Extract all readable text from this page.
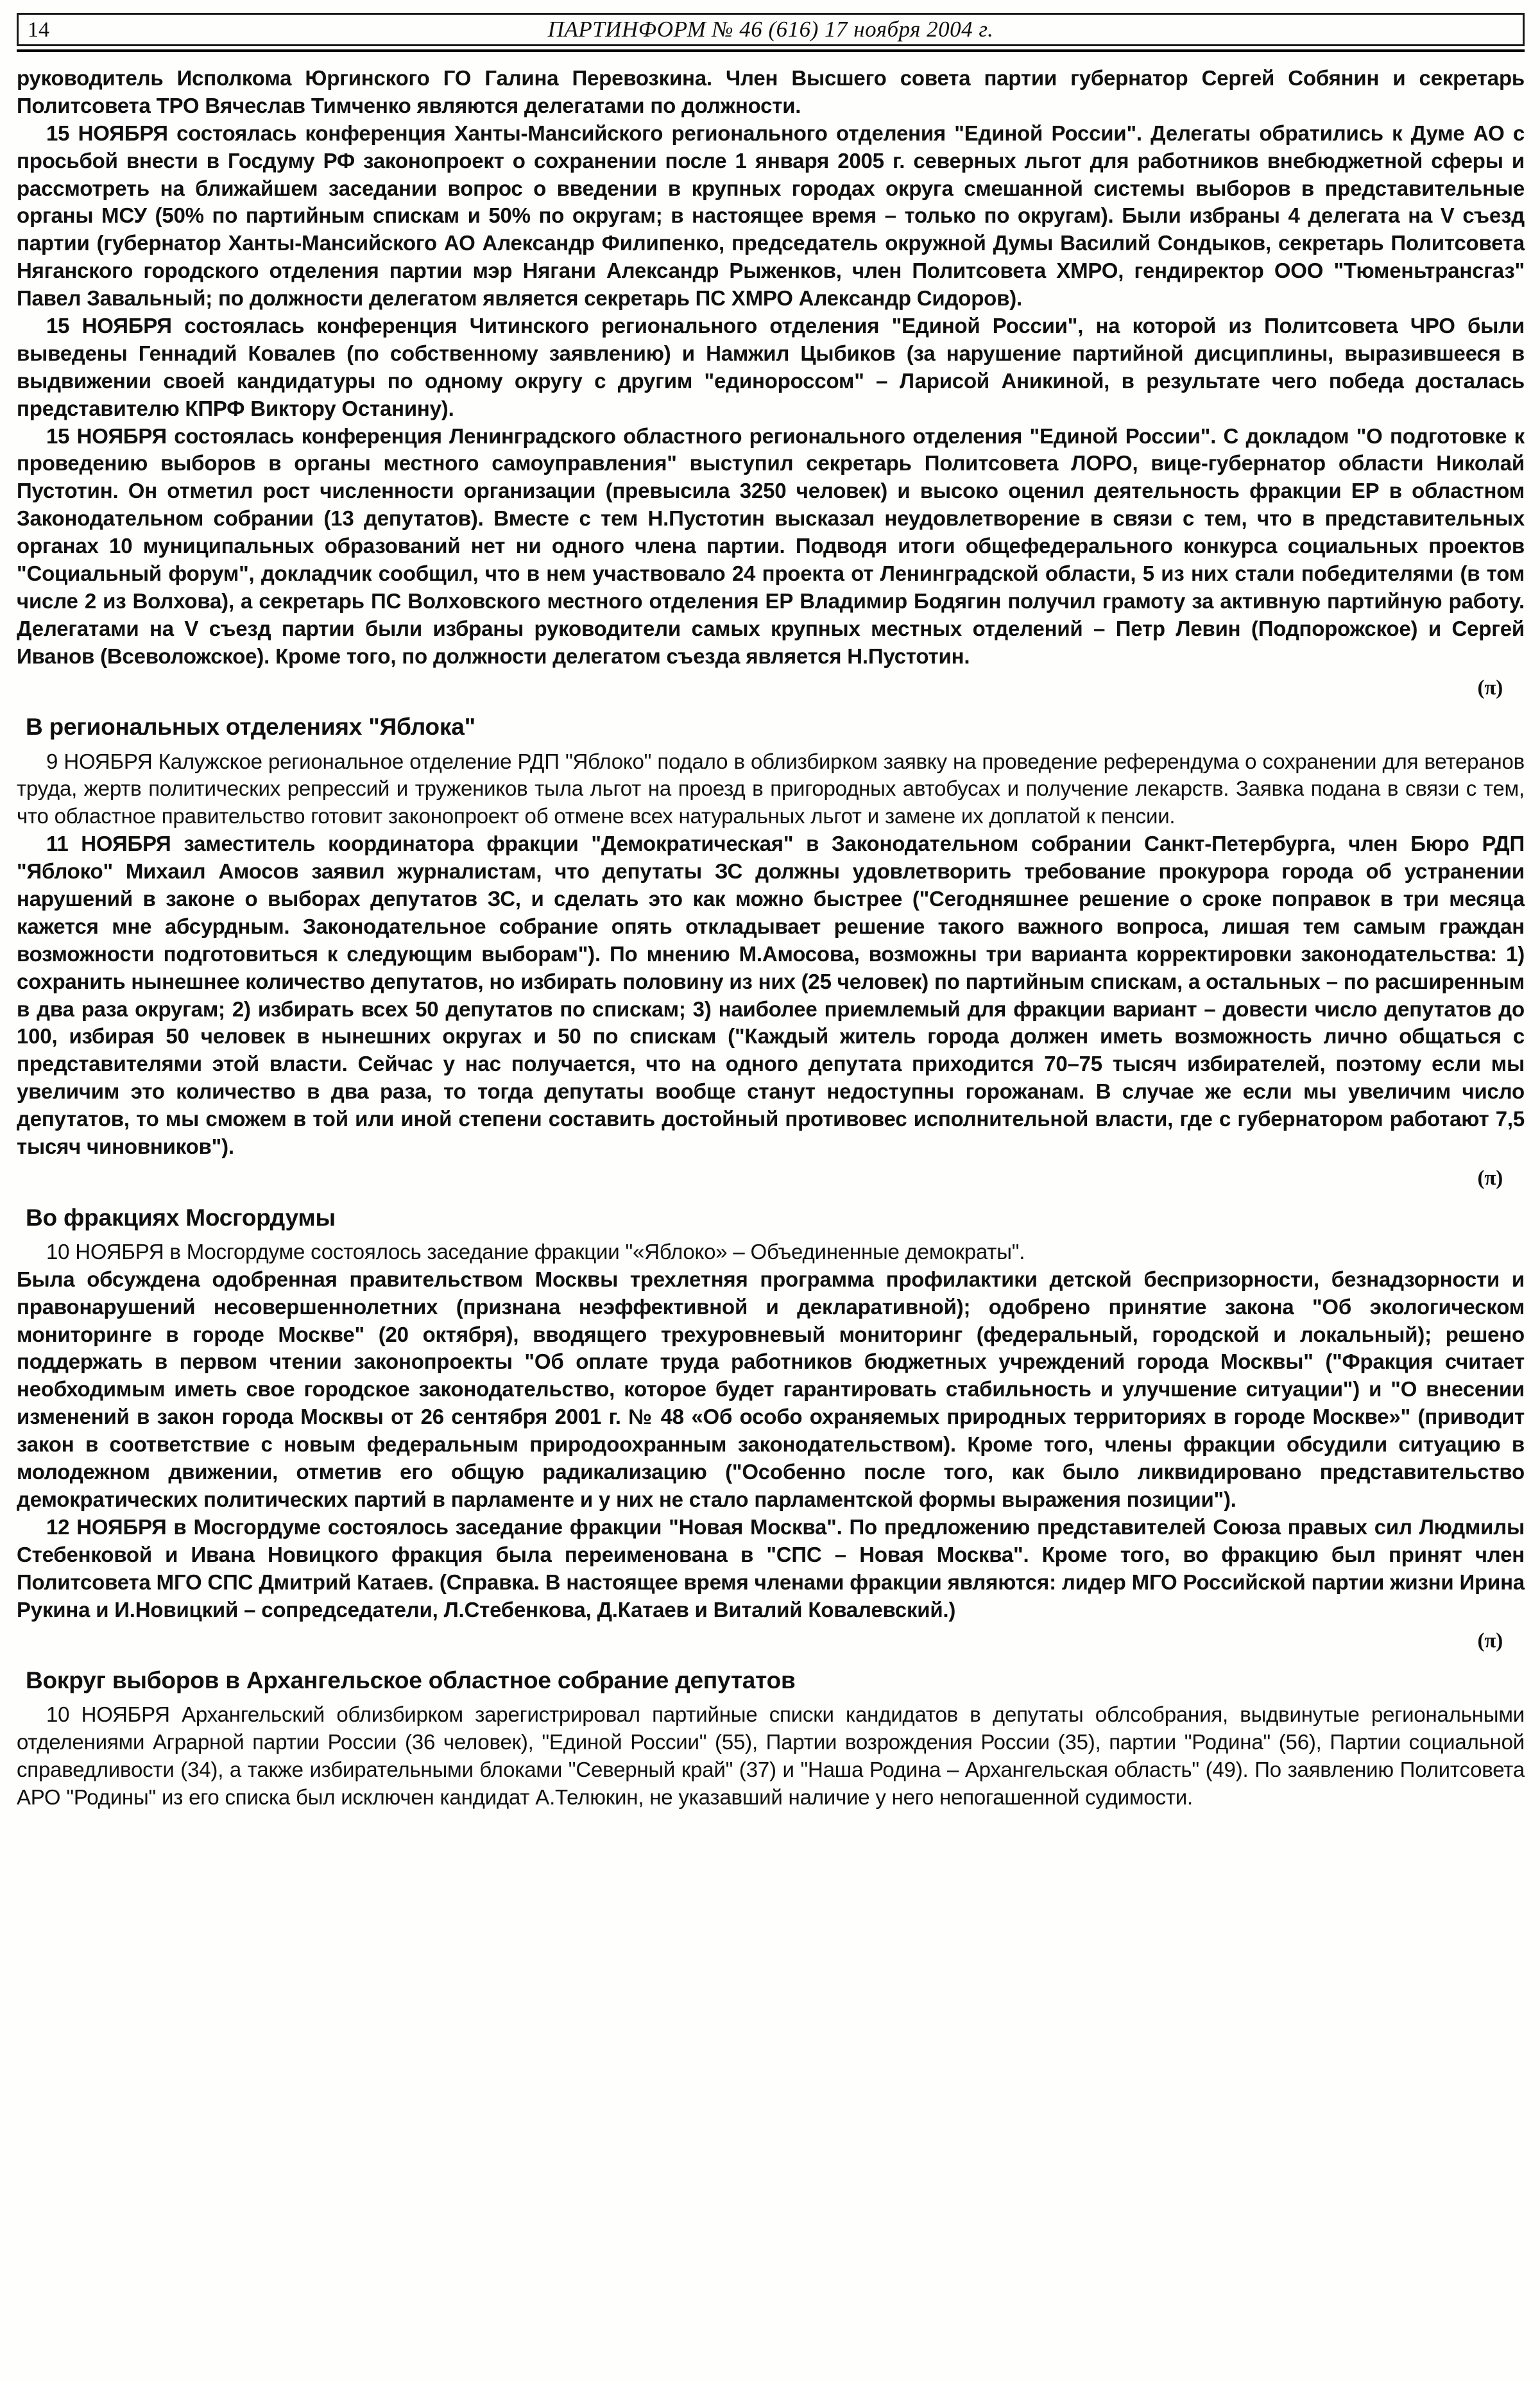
14	ПАРТИНФОРМ № 46 (616) 17 ноября 2004 г.

руководитель Исполкома Юргинского ГО Галина Перевозкина. Член Высшего совета партии губернатор Сергей Собянин и секретарь Политсовета ТРО Вячеслав Тимченко являются делегатами по должности.

15 НОЯБРЯ состоялась конференция Ханты-Мансийского регионального отделения "Единой России". Делегаты обратились к Думе АО с просьбой внести в Госдуму РФ законопроект о сохранении после 1 января 2005 г. северных льгот для работников внебюджетной сферы и рассмотреть на ближайшем заседании вопрос о введении в крупных городах округа смешанной системы выборов в представительные органы МСУ (50% по партийным спискам и 50% по округам; в настоящее время – только по округам). Были избраны 4 делегата на V съезд партии (губернатор Ханты-Мансийского АО Александр Филипенко, председатель окружной Думы Василий Сондыков, секретарь Политсовета Няганского городского отделения партии мэр Нягани Александр Рыженков, член Политсовета ХМРО, гендиректор ООО "Тюменьтрансгаз" Павел Завальный; по должности делегатом является секретарь ПС ХМРО Александр Сидоров).

15 НОЯБРЯ состоялась конференция Читинского регионального отделения "Единой России", на которой из Политсовета ЧРО были выведены Геннадий Ковалев (по собственному заявлению) и Намжил Цыбиков (за нарушение партийной дисциплины, выразившееся в выдвижении своей кандидатуры по одному округу с другим "единороссом" – Ларисой Аникиной, в результате чего победа досталась представителю КПРФ Виктору Останину).

15 НОЯБРЯ состоялась конференция Ленинградского областного регионального отделения "Единой России". С докладом "О подготовке к проведению выборов в органы местного самоуправления" выступил секретарь Политсовета ЛОРО, вице-губернатор области Николай Пустотин. Он отметил рост численности организации (превысила 3250 человек) и высоко оценил деятельность фракции ЕР в областном Законодательном собрании (13 депутатов). Вместе с тем Н.Пустотин высказал неудовлетворение в связи с тем, что в представительных органах 10 муниципальных образований нет ни одного члена партии. Подводя итоги общефедерального конкурса социальных проектов "Социальный форум", докладчик сообщил, что в нем участвовало 24 проекта от Ленинградской области, 5 из них стали победителями (в том числе 2 из Волхова), а секретарь ПС Волховского местного отделения ЕР Владимир Бодягин получил грамоту за активную партийную работу. Делегатами на V съезд партии были избраны руководители самых крупных местных отделений – Петр Левин (Подпорожское) и Сергей Иванов (Всеволожское). Кроме того, по должности делегатом съезда является Н.Пустотин.

(π)

В региональных отделениях "Яблока"

9 НОЯБРЯ Калужское региональное отделение РДП "Яблоко" подало в облизбирком заявку на проведение референдума о сохранении для ветеранов труда, жертв политических репрессий и тружеников тыла льгот на проезд в пригородных автобусах и получение лекарств. Заявка подана в связи с тем, что областное правительство готовит законопроект об отмене всех натуральных льгот и замене их доплатой к пенсии.

11 НОЯБРЯ заместитель координатора фракции "Демократическая" в Законодательном собрании Санкт-Петербурга, член Бюро РДП "Яблоко" Михаил Амосов заявил журналистам, что депутаты ЗС должны удовлетворить требование прокурора города об устранении нарушений в законе о выборах депутатов ЗС, и сделать это как можно быстрее ("Сегодняшнее решение о сроке поправок в три месяца кажется мне абсурдным. Законодательное собрание опять откладывает решение такого важного вопроса, лишая тем самым граждан возможности подготовиться к следующим выборам"). По мнению М.Амосова, возможны три варианта корректировки законодательства: 1) сохранить нынешнее количество депутатов, но избирать половину из них (25 человек) по партийным спискам, а остальных – по расширенным в два раза округам; 2) избирать всех 50 депутатов по спискам; 3) наиболее приемлемый для фракции вариант – довести число депутатов до 100, избирая 50 человек в нынешних округах и 50 по спискам ("Каждый житель города должен иметь возможность лично общаться с представителями этой власти. Сейчас у нас получается, что на одного депутата приходится 70–75 тысяч избирателей, поэтому если мы увеличим это количество в два раза, то тогда депутаты вообще станут недоступны горожанам. В случае же если мы увеличим число депутатов, то мы сможем в той или иной степени составить достойный противовес исполнительной власти, где с губернатором работают 7,5 тысяч чиновников").

(π)

Во фракциях Мосгордумы

10 НОЯБРЯ в Мосгордуме состоялось заседание фракции "«Яблоко» – Объединенные демократы".

Была обсуждена одобренная правительством Москвы трехлетняя программа профилактики детской беспризорности, безнадзорности и правонарушений несовершеннолетних (признана неэффективной и декларативной); одобрено принятие закона "Об экологическом мониторинге в городе Москве" (20 октября), вводящего трехуровневый мониторинг (федеральный, городской и локальный); решено поддержать в первом чтении законопроекты "Об оплате труда работников бюджетных учреждений города Москвы" ("Фракция считает необходимым иметь свое городское законодательство, которое будет гарантировать стабильность и улучшение ситуации") и "О внесении изменений в закон города Москвы от 26 сентября 2001 г. № 48 «Об особо охраняемых природных территориях в городе Москве»" (приводит закон в соответствие с новым федеральным природоохранным законодательством). Кроме того, члены фракции обсудили ситуацию в молодежном движении, отметив его общую радикализацию ("Особенно после того, как было ликвидировано представительство демократических политических партий в парламенте и у них не стало парламентской формы выражения позиции").

12 НОЯБРЯ в Мосгордуме состоялось заседание фракции "Новая Москва". По предложению представителей Союза правых сил Людмилы Стебенковой и Ивана Новицкого фракция была переименована в "СПС – Новая Москва". Кроме того, во фракцию был принят член Политсовета МГО СПС Дмитрий Катаев. (Справка. В настоящее время членами фракции являются: лидер МГО Российской партии жизни Ирина Рукина и И.Новицкий – сопредседатели, Л.Стебенкова, Д.Катаев и Виталий Ковалевский.)

(π)

Вокруг выборов в Архангельское областное собрание депутатов

10 НОЯБРЯ Архангельский облизбирком зарегистрировал партийные списки кандидатов в депутаты облсобрания, выдвинутые региональными отделениями Аграрной партии России (36 человек), "Единой России" (55), Партии возрождения России (35), партии "Родина" (56), Партии социальной справедливости (34), а также избирательными блоками "Северный край" (37) и "Наша Родина – Архангельская область" (49). По заявлению Политсовета АРО "Родины" из его списка был исключен кандидат А.Телюкин, не указавший наличие у него непогашенной судимости.
